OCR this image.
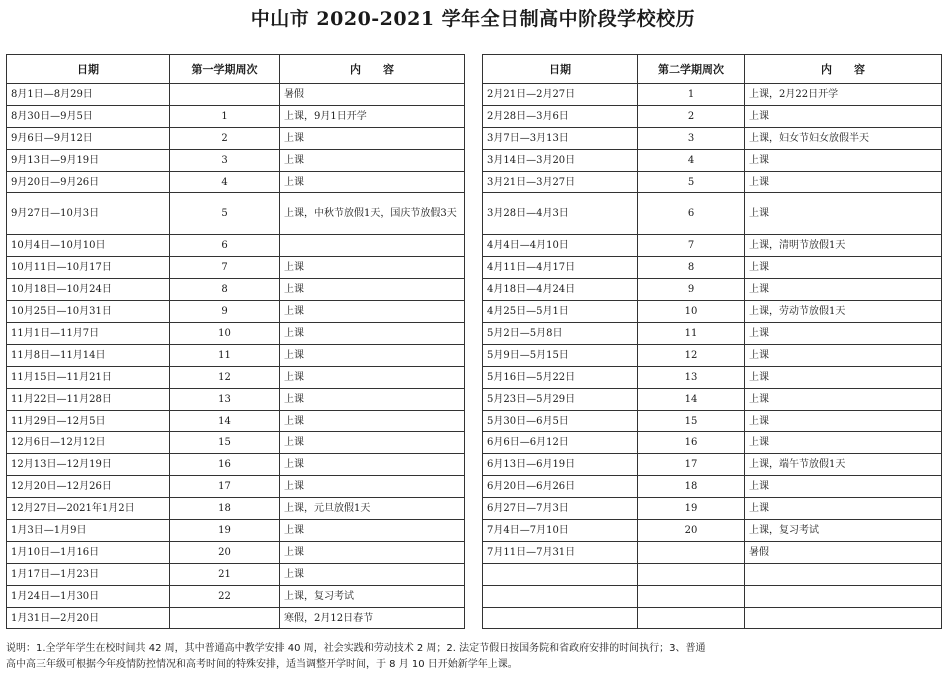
中山市 2020-2021 学年全日制高中阶段学校校历
日期	第一学期周次	内　　容
8月1日—8月29日		暑假
8月30日—9月5日	1	上课，9月1日开学
9月6日—9月12日	2	上课
9月13日—9月19日	3	上课
9月20日—9月26日	4	上课
9月27日—10月3日	5	上课，中秋节放假1天，国庆节放假3天
10月4日—10月10日	6	
10月11日—10月17日	7	上课
10月18日—10月24日	8	上课
10月25日—10月31日	9	上课
11月1日—11月7日	10	上课
11月8日—11月14日	11	上课
11月15日—11月21日	12	上课
11月22日—11月28日	13	上课
11月29日—12月5日	14	上课
12月6日—12月12日	15	上课
12月13日—12月19日	16	上课
12月20日—12月26日	17	上课
12月27日—2021年1月2日	18	上课，元旦放假1天
1月3日—1月9日	19	上课
1月10日—1月16日	20	上课
1月17日—1月23日	21	上课
1月24日—1月30日	22	上课，复习考试
1月31日—2月20日		寒假，2月12日春节
日期	第二学期周次	内　　容
2月21日—2月27日	1	上课，2月22日开学
2月28日—3月6日	2	上课
3月7日—3月13日	3	上课，妇女节妇女放假半天
3月14日—3月20日	4	上课
3月21日—3月27日	5	上课
3月28日—4月3日	6	上课
4月4日—4月10日	7	上课，清明节放假1天
4月11日—4月17日	8	上课
4月18日—4月24日	9	上课
4月25日—5月1日	10	上课，劳动节放假1天
5月2日—5月8日	11	上课
5月9日—5月15日	12	上课
5月16日—5月22日	13	上课
5月23日—5月29日	14	上课
5月30日—6月5日	15	上课
6月6日—6月12日	16	上课
6月13日—6月19日	17	上课，端午节放假1天
6月20日—6月26日	18	上课
6月27日—7月3日	19	上课
7月4日—7月10日	20	上课，复习考试
7月11日—7月31日		暑假

说明：1.全学年学生在校时间共 42 周，其中普通高中教学安排 40 周，社会实践和劳动技术 2 周；2. 法定节假日按国务院和省政府安排的时间执行；3、普通
高中高三年级可根据今年疫情防控情况和高考时间的特殊安排，适当调整开学时间，于 8 月 10 日开始新学年上课。
